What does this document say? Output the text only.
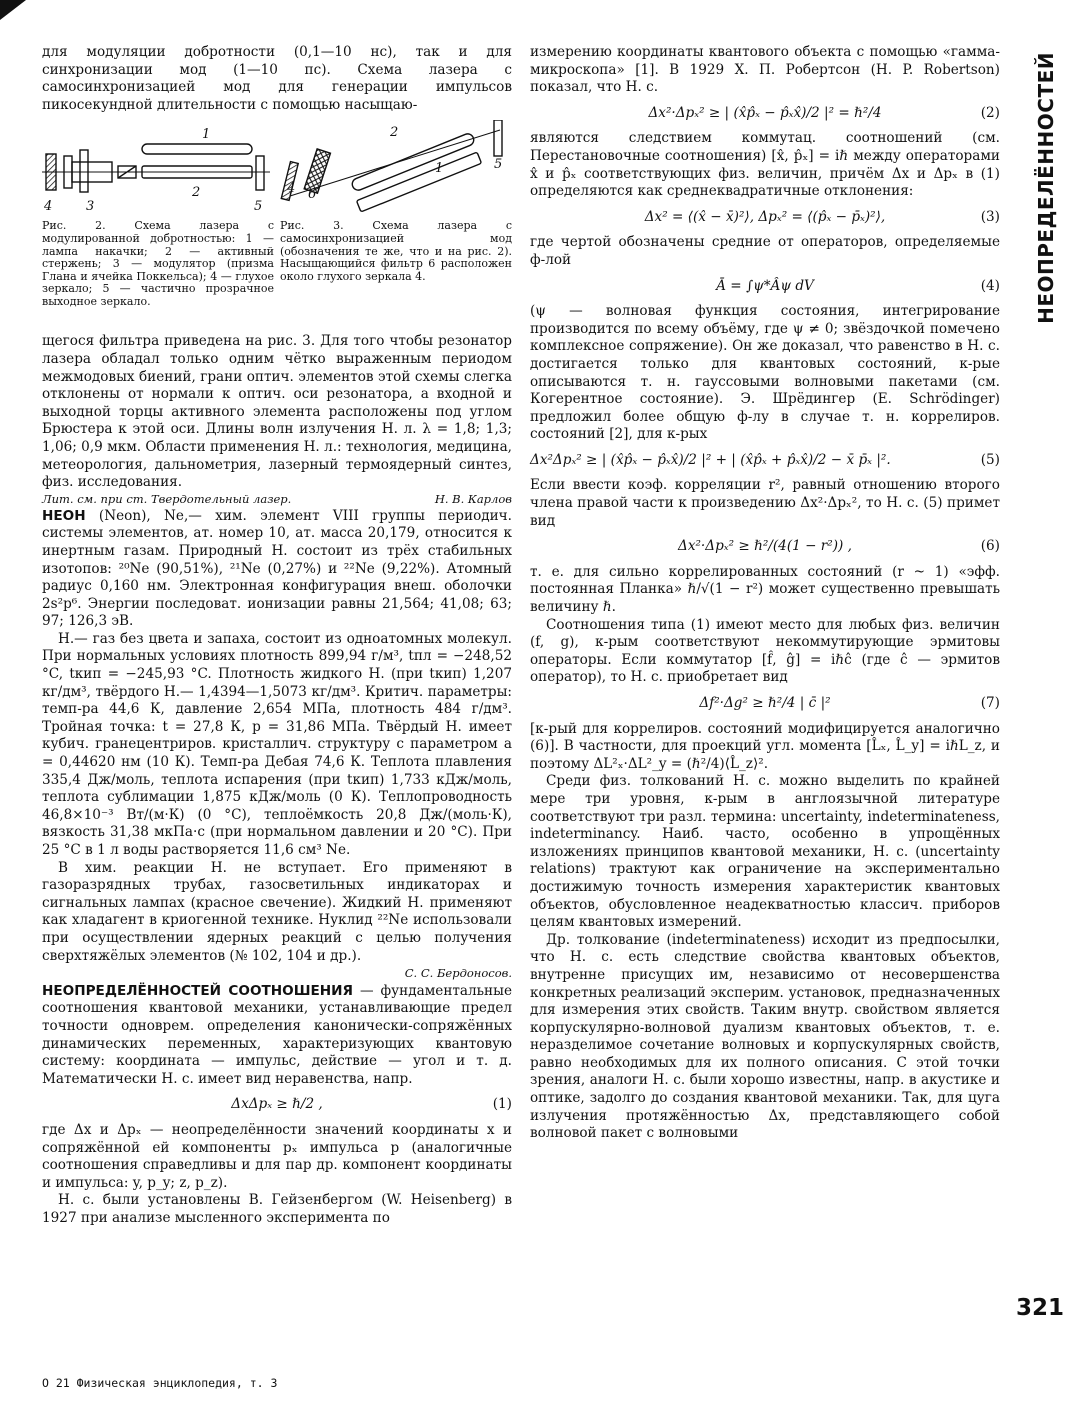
НЕОПРЕДЕЛЁННОСТЕЙ

для модуляции добротности (0,1—10 нс), так и для синхронизации мод (1—10 пс). Схема лазера с самосинхронизацией мод для генерации импульсов пикосекундной длительности с помощью насыщаю-

1
2
3
4	5
1
2
4
5
6
Рис. 2. Схема лазера с модулированной добротностью: 1 — лампа накачки; 2 — активный стержень; 3 — модулятор (призма Глана и ячейка Поккельса); 4 — глухое зеркало; 5 — частично прозрачное выходное зеркало.
Рис. 3. Схема лазера с самосинхронизацией мод (обозначения те же, что и на рис. 2). Насыщающийся фильтр 6 расположен около глухого зеркала 4.

щегося фильтра приведена на рис. 3. Для того чтобы резонатор лазера обладал только одним чётко выраженным периодом межмодовых биений, грани оптич. элементов этой схемы слегка отклонены от нормали к оптич. оси резонатора, а входной и выходной торцы активного элемента расположены под углом Брюстера к этой оси. Длины волн излучения Н. л. λ = 1,8; 1,3; 1,06; 0,9 мкм. Области применения Н. л.: технология, медицина, метеорология, дальнометрия, лазерный термоядерный синтез, физ. исследования.

Лит. см. при ст. Твердотельный лазер.	Н. В. Карлов

НЕОН (Neon), Ne,— хим. элемент VIII группы периодич. системы элементов, ат. номер 10, ат. масса 20,179, относится к инертным газам. Природный Н. состоит из трёх стабильных изотопов: ²⁰Ne (90,51%), ²¹Ne (0,27%) и ²²Ne (9,22%). Атомный радиус 0,160 нм. Электронная конфигурация внеш. оболочки 2s²p⁶. Энергии последоват. ионизации равны 21,564; 41,08; 63; 97; 126,3 эВ.

Н.— газ без цвета и запаха, состоит из одноатомных молекул. При нормальных условиях плотность 899,94 г/м³, tпл = −248,52 °C, tкип = −245,93 °C. Плотность жидкого Н. (при tкип) 1,207 кг/дм³, твёрдого Н.— 1,4394—1,5073 кг/дм³. Критич. параметры: темп-ра 44,6 К, давление 2,654 МПа, плотность 484 г/дм³. Тройная точка: t = 27,8 К, p = 31,86 МПа. Твёрдый Н. имеет кубич. гранецентриров. кристаллич. структуру с параметром a = 0,44620 нм (10 К). Темп-ра Дебая 74,6 К. Теплота плавления 335,4 Дж/моль, теплота испарения (при tкип) 1,733 кДж/моль, теплота сублимации 1,875 кДж/моль (0 К). Теплопроводность 46,8×10⁻³ Вт/(м·К) (0 °C), теплоёмкость 20,8 Дж/(моль·К), вязкость 31,38 мкПа·с (при нормальном давлении и 20 °C). При 25 °C в 1 л воды растворяется 11,6 см³ Ne.

В хим. реакции Н. не вступает. Его применяют в газоразрядных трубах, газосветильных индикаторах и сигнальных лампах (красное свечение). Жидкий Н. применяют как хладагент в криогенной технике. Нуклид ²²Ne использовали при осуществлении ядерных реакций с целью получения сверхтяжёлых элементов (№ 102, 104 и др.).

С. С. Бердоносов.

НЕОПРЕДЕЛЁННОСТЕЙ СООТНОШЕНИЯ — фундаментальные соотношения квантовой механики, устанавливающие предел точности одноврем. определения канонически-сопряжённых динамических переменных, характеризующих квантовую систему: координата — импульс, действие — угол и т. д. Математически Н. с. имеет вид неравенства, напр.

ΔxΔpₓ ≥ ℏ/2 ,	(1)

где Δx и Δpₓ — неопределённости значений координаты x и сопряжённой ей компоненты pₓ импульса p (аналогичные соотношения справедливы и для пар др. компонент координаты и импульса: y, p_y; z, p_z).

Н. с. были установлены В. Гейзенбергом (W. Heisenberg) в 1927 при анализе мысленного эксперимента по

измерению координаты квантового объекта с помощью «гамма-микроскопа» [1]. В 1929 Х. П. Робертсон (H. P. Robertson) показал, что Н. с.

Δx²·Δpₓ² ≥ | (x̂p̂ₓ − p̂ₓx̂)/2 |² = ℏ²/4	(2)

являются следствием коммутац. соотношений (см. Перестановочные соотношения) [x̂, p̂ₓ] = iℏ между операторами x̂ и p̂ₓ соответствующих физ. величин, причём Δx и Δpₓ в (1) определяются как среднеквадратичные отклонения:

Δx² = ⟨(x̂ − x̄)²⟩, Δpₓ² = ⟨(p̂ₓ − p̄ₓ)²⟩,	(3)

где чертой обозначены средние от операторов, определяемые ф-лой

Ā = ∫ψ*Âψ dV	(4)

(ψ — волновая функция состояния, интегрирование производится по всему объёму, где ψ ≠ 0; звёздочкой помечено комплексное сопряжение). Он же доказал, что равенство в Н. с. достигается только для квантовых состояний, к-рые описываются т. н. гауссовыми волновыми пакетами (см. Когерентное состояние). Э. Шрёдингер (E. Schrödinger) предложил более общую ф-лу в случае т. н. коррелиров. состояний [2], для к-рых

Δx²Δpₓ² ≥ | (x̂p̂ₓ − p̂ₓx̂)/2 |² + | (x̂p̂ₓ + p̂ₓx̂)/2 − x̄ p̄ₓ |².	(5)

Если ввести коэф. корреляции r², равный отношению второго члена правой части к произведению Δx²·Δpₓ², то Н. с. (5) примет вид

Δx²·Δpₓ² ≥ ℏ²/(4(1 − r²)) ,	(6)

т. е. для сильно коррелированных состояний (r ~ 1) «эфф. постоянная Планка» ℏ/√(1 − r²) может существенно превышать величину ℏ.

Соотношения типа (1) имеют место для любых физ. величин (f, g), к-рым соответствуют некоммутирующие эрмитовы операторы. Если коммутатор [f̂, ĝ] = iℏĉ (где ĉ — эрмитов оператор), то Н. с. приобретает вид

Δf²·Δg² ≥ ℏ²/4 | c̄ |²	(7)

[к-рый для коррелиров. состояний модифицируется аналогично (6)]. В частности, для проекций угл. момента [L̂ₓ, L̂_y] = iℏL_z, и поэтому ΔL²ₓ·ΔL²_y = (ℏ²/4)⟨L̂_z⟩².

Среди физ. толкований Н. с. можно выделить по крайней мере три уровня, к-рым в англоязычной литературе соответствуют три разл. термина: uncertainty, indeterminateness, indeterminancy. Наиб. часто, особенно в упрощённых изложениях принципов квантовой механики, Н. с. (uncertainty relations) трактуют как ограничение на экспериментально достижимую точность измерения характеристик квантовых объектов, обусловленное неадекватностью классич. приборов целям квантовых измерений.

Др. толкование (indeterminateness) исходит из предпосылки, что Н. с. есть следствие свойства квантовых объектов, внутренне присущих им, независимо от несовершенства конкретных реализаций эксперим. установок, предназначенных для измерения этих свойств. Таким внутр. свойством является корпускулярно-волновой дуализм квантовых объектов, т. е. неразделимое сочетание волновых и корпускулярных свойств, равно необходимых для их полного описания. С этой точки зрения, аналоги Н. с. были хорошо известны, напр. в акустике и оптике, задолго до создания квантовой механики. Так, для цуга излучения протяжённостью Δx, представляющего собой волновой пакет с волновыми

321
О 21 Физическая энциклопедия, т. 3
